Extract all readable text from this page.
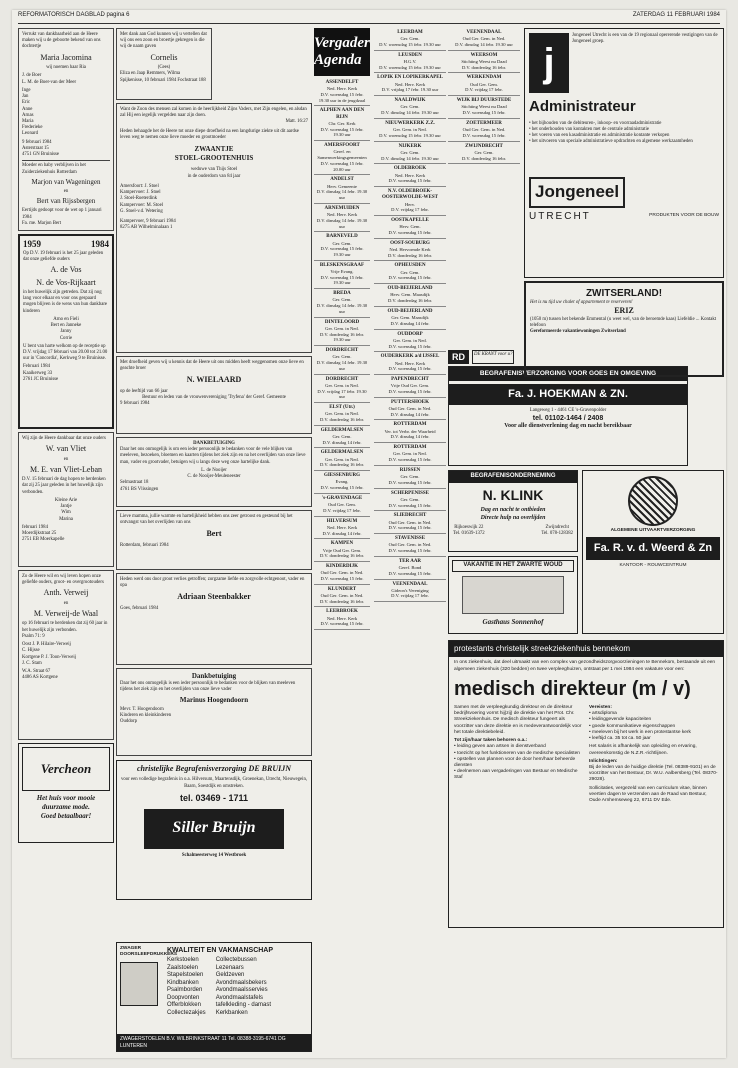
REFORMATORISCH DAGBLAD pagina 6	ZATERDAG 11 FEBRUARI 1984
Verrukt van dankbaarheid aan de Heere maken wij u de geboorte bekend van ons dochtertje
Maria Jacomina
wij noemen haar Ria
J. de Boer
L. M. de Boer-van der Meer
Inge
Jan
Eric
Anne
Arnas
Maria
Frederieke
Leonard
9 februari 1984
Asterstraat 15
4751 GN Bruinisse
Moeder en baby verblijven in het Zuiderziekenhuis Rotterdam
Marjon van Wageningen
en
Bert van Rijssbergen
Eertijds gedoopt voor de wet op 1 januari 1984
Fa. me. Marjon Bert
1959	1984
Op D.V. 19 februari is het 25 jaar geleden dat onze geliefde ouders
A. de Vos
N. de Vos-Rijkaart
in het huwelijk zijn getreden. Dat zij nog lang voor elkaar en voor ons gespaard mogen blijven is de wens van hun dankbare kinderen
Arno en Fieli
Bert en Janneke
Janny
Corrie
U bent van harte welkom op de receptie op D.V. vrijdag 17 februari van 20.00 tot 21.00 uur in 'Concordia', Kerkweg 9 te Bruinisse.
Februari 1984
Kaaikerweg 33
2761 JC Bruinisse
Wij zijn de Heere dankbaar dat onze ouders
W. van Vliet
en
M. E. van Vliet-Leban
D.V. 15 februari de dag hopen te herdenken dat zij 25 jaar geleden in het huwelijk zijn verbonden.
Kleine Arie
Jantje
Wim
Marina
februari 1984
Moerdijkstraat 25
2751 EB Moerkapelle
Zo de Heere wil en wij leven hopen onze geliefde ouders, groot- en overgrootouders
Anth. Verweij
en
M. Verweij-de Waal
op 16 februari te herdenken dat zij 60 jaar in het huwelijk zijn verbonden.
Psalm 71: 9
Oost J. P. Hilaire-Verweij
C. Hijsse
Kortgene P. J. Toon-Verweij
J. C. Stam
W.A. Straat 67
4486 AS Kortgene
Vercheon
Het huis voor mooie
duurzame mode.
Goed betaalbaar!
Met dank aan God kunnen wij u vertellen dat wij ons een zoon en broertje gekregen is die wij de naam gaven
Cornelis
(Cees)
Eliza en Jaap Remmers, Wilma
Spijkenisse, 10 februari 1984 Fochstraat 188
Want de Zoon des mensen zal komen in de heerlijkheid Zijns Vaders, met Zijn engelen, en alsdan zal Hij een iegelijk vergelden naar zijn doen.
Matt. 16:27
Heden behaagde het de Heere tot onze diepe droefheid na een langdurige ziekte uit dit aardse leven weg te nemen onze lieve moeder en grootmoeder
ZWAANTJE
STOEL-GROOTENHUIS
weduwe van Thijs Stoel
in de ouderdom van 84 jaar
Amersfoort: J. Stoel
Kampervoer: J. Stoel
J. Stoel-Roeterdink
Kampervoer: M. Stoel
G. Stoel-v.d. Wetering
Kampervoer, 9 februari 1984
8275 AB Wilhelminalaan 1
Met droefheid geven wij u kennis dat de Heere uit ons midden heeft weggenomen onze lieve en geachte broer
N. WIELAARD
op de leeftijd van 66 jaar
Bestuur en leden van de vrouwenvereniging 'Tryfena' der Geref. Gemeente
9 februari 1984
DANKBETUIGING
Daar het ons onmogelijk is om een ieder persoonlijk te bedanken voor de vele blijken van meeleven, bezoeken, bloemen en kaarten tijdens het ziek zijn en na het overlijden van onze lieve man, vader en grootvader, betuigen wij u langs deze weg onze hartelijke dank.
L. de Nooijer
C. de Nooijer-Meuleneester
Selmastraat 18
4761 BS Vlissingen
Lieve mamma, jullie warmte en hartelijkheid hebben ons zeer getroost en gesteund bij het ontvangst van het overlijden van ons
Bert
Rotterdam, februari 1984
Heden werd ons door groot verlies getroffen; zorgzame liefde en zorgvolle echtgenoot, vader en opa
Adriaan Steenbakker
Goes, februari 1984
Dankbetuiging
Daar het ons onmogelijk is een ieder persoonlijk te bedanken voor de blijken van meeleven tijdens het ziek zijn en het overlijden van onze lieve vader
Marinus Hoogendoorn
Mevr. T. Hoogendoorn
Kinderen en kleinkinderen
Ouddorp
christelijke Begrafenisverzorging DE BRUIJN
voor een volledige begrafenis in o.a. Hilversum, Maartensdijk, Groenekan, Utrecht, Nieuwegein, Baarn, Soestdijk en omstreken.
tel. 03469 - 1711
Siller Bruijn
Schalmeesterweg 14 Westbroek
Vergader Agenda
ASSENDELFT
Ned. Herv. Kerk
D.V. woensdag 15 febr. 19.30 uur in de jeugdzaal
ALPHEN AAN DEN RIJN
Chr. Ger. Kerk
D.V. woensdag 15 febr. 19.30 uur
AMERSFOORT
Geref. en Samenwerkingsgemeenten
D.V. woensdag 15 febr. 20.00 uur
ANDELST
Herv. Gemeente
D.V. dinsdag 14 febr. 19.30 uur
ARNEMUIDEN
Ned. Herv. Kerk
D.V. dinsdag 14 febr. 19.30 uur
BARNEVELD
Ger. Gem.
D.V. woensdag 15 febr. 19.30 uur
BLESKENSGRAAF
Vrije Evang.
D.V. woensdag 15 febr. 19.30 uur
BREDA
Ger. Gem.
D.V. dinsdag 14 febr. 19.30 uur
DINTELOORD
Ger. Gem. in Ned.
D.V. donderdag 16 febr. 19.30 uur
DORDRECHT
Ger. Gem.
D.V. dinsdag 14 febr. 19.30 uur
DORDRECHT
Ger. Gem. in Ned.
D.V. vrijdag 17 febr. 19.30 uur
ELST (Utr.)
Ger. Gem. in Ned.
D.V. donderdag 16 febr.
GELDERMALSEN
Ger. Gem.
D.V. dinsdag 14 febr.
GELDERMALSEN
Ger. Gem. in Ned.
D.V. donderdag 16 febr.
GIESSENBURG
Evang.
D.V. woensdag 15 febr.
's-GRAVENDAGE
Oud Ger. Gem.
D.V. vrijdag 17 febr.
HILVERSUM
Ned. Herv. Kerk
D.V. dinsdag 14 febr.
KAMPEN
Vrije Oud Ger. Gem.
D.V. donderdag 16 febr.
KINDERDIJK
Oud Ger. Gem. in Ned.
D.V. woensdag 15 febr.
KLUNDERT
Oud Ger. Gem. in Ned.
D.V. donderdag 16 febr.
LEERBROEK
Ned. Herv. Kerk
D.V. woensdag 15 febr.
LEERDAM
Ger. Gem.
D.V. woensdag 15 febr. 19.30 uur
LEUSDEN
H.G.V.
D.V. woensdag 15 febr. 19.30 uur
LOPIK EN LOPIKERKAPEL
Ned. Herv. Kerk
D.V. vrijdag 17 febr. 19.30 uur
NAALDWIJK
Ger. Gem.
D.V. dinsdag 14 febr. 19.30 uur
NIEUWERKERK Z.Z.
Ger. Gem. in Ned.
D.V. woensdag 15 febr. 19.30 uur
NIJKERK
Ger. Gem.
D.V. dinsdag 14 febr. 19.30 uur
OLDEBROEK
Ned. Herv. Kerk
D.V. woensdag 15 febr.
N.V. OLDEBROEK-OOSTERWOLDE-WEST
Herv.
D.V. vrijdag 17 febr.
OOSTKAPELLE
Herv. Gem.
D.V. woensdag 15 febr.
OOST-SOUBURG
Ned. Hervormde Kerk
D.V. donderdag 16 febr.
OPHEUSDEN
Ger. Gem.
D.V. woensdag 15 febr.
OUD-BEIJERLAND
Herv. Gem. Maasdijk
D.V. donderdag 16 febr.
OUD-BEIJERLAND
Ger. Gem. Maasdijk
D.V. dinsdag 14 febr.
OUDDORP
Ger. Gem. in Ned.
D.V. woensdag 15 febr.
OUDERKERK a/d IJSSEL
Ned. Herv. Kerk
D.V. woensdag 15 febr.
PAPENDRECHT
Vrije Oud Ger. Gem.
D.V. woensdag 15 febr.
PUTTERSHOEK
Oud Ger. Gem. in Ned.
D.V. dinsdag 14 febr.
ROTTERDAM
Ver. tot Verbr. der Waarheid
D.V. dinsdag 14 febr.
ROTTERDAM
Ger. Gem. in Ned.
D.V. woensdag 15 febr.
RIJSSEN
Ger. Gem.
D.V. woensdag 15 febr.
SCHERPENISSE
Ger. Gem.
D.V. woensdag 15 febr.
SLIEDRECHT
Oud Ger. Gem. in Ned.
D.V. woensdag 15 febr.
STAVENISSE
Oud Ger. Gem. in Ned.
D.V. woensdag 15 febr.
TER AAR
Geref. Bond
D.V. woensdag 15 febr.
VEENENDAAL
Gideon's Vereniging
D.V. vrijdag 17 febr.
VEENENDAAL
Oud Ger. Gem. in Ned.
D.V. dinsdag 14 febr. 19.30 uur
WEERSOM
Stichting Weest nu Daad
D.V. donderdag 16 febr.
WERKENDAM
Oud Ger. Gem.
D.V. vrijdag 17 febr.
WIJK BIJ DUURSTEDE
Stichting Weest nu Daad
D.V. woensdag 15 febr.
ZOETERMEER
Oud Ger. Gem. in Ned.
D.V. woensdag 15 febr.
ZWIJNDRECHT
Ger. Gem.
D.V. donderdag 16 febr.
RD	DE KRANT voor u?
BEGRAFENISVERZORGING VOOR GOES EN OMGEVING
Fa. J. HOEKMAN & ZN.
Langeweg 1 - 4461 CE 's-Gravenpolder
tel. 01102-1464 / 2408
Voor alle dienstverlening dag en nacht bereikbaar
BEGRAFENISONDERNEMING
N. KLINK
Dag en nacht te ontbieden
Directe hulp na overlijden
Rijkoeswijk 22
Tel. 01639-1372
Zwijndrecht
Tel. 078-128382
VAKANTIE IN HET ZWARTE WOUD
Gasthaus Sonnenhof
j
Jongeneel Utrecht is een van de 19 regionaal opererende vestigingen van de Jongeneel groep.
Administrateur
• het bijhouden van de debiteuren-, inkoop- en voorraadadministratie
• het onderhouden van kontakten met de centrale administratie
• het voeren van een kasadministratie en administratie kontante verkopen
• het uitvoeren van speciale administratieve opdrachten en algemene werkzaamheden
Jongeneel
UTRECHT	PRODUKTEN VOOR DE BOUW
ZWITSERLAND!
Het is nu tijd uw chalet of appartement te reserveren!
ERIZ
(1050 m) tussen het bekende Emmental (u weet wel, van de beroemde kaas) Liefeldie ... Kontakt telefoon
Gereformeerde vakantiewoningen Zwitserland
ALGEMENE UITVAARTVERZORGING
Fa. R. v. d. Weerd & Zn
KANTOOR - ROUWCENTRUM
protestants christelijk streekziekenhuis bennekom
In ons ziekenhuis, dat deel uitmaakt van een complex van gezondheidszorgvoorzieningen te Bennekom, bestaande uit een algemeen ziekenhuis (320 bedden) en twee verpleeghuizen, ontstaat per 1 mei 1984 een vakature voor een:
medisch direkteur (m / v)
Samen met de verpleegkundig direkteur en de direkteur bedrijfsvoering vormt hij(zij) de direktie van het Prot. Chr. Streekziekenhuis. De medisch direkteur fungeert als voorzitter van deze direktie en is medeverantwoordelijk voor het totale direktiebeleid.
Tot zijn/haar taken behoren o.a.:
• leiding geven aan artsen in dienstverband
• toezicht op het funktioneren van de medische specialisten
• opstellen van plannen voor de door hem/haar beheerde diensten
• deelnemen aan vergaderingen van Bestuur en Medische Staf
Vereisten:
• artsdiploma
• leidinggevende kapaciteiten
• goede kommunikatieve eigenschappen
• meeleven bij het werk in een protestantse kerk
• leeftijd ca. 35 tot ca. 50 jaar
Het salaris is afhankelijk van opleiding en ervaring, overeenkomstig de N.Z.R.-richtlijnen.
Inlichtingen:
Bij de leden van de huidige direktie (Tel. 08389-9101) en de voorzitter van het Bestuur, Dr. W.U. Aalbersberg (Tel. 08370-29028).
Sollicitaties, vergezeld van een curriculum vitae, binnen veertien dagen te verzenden aan de Raad van Bestuur, Oude Arnhemseweg 22, 6711 DV Ede.
ZWAGER DOORSLEEFDRUKKERS
KWALITEIT EN VAKMANSCHAP
Kerkstoelen
Zaalstoelen
Stapelstoelen
Kindbanken
Psalmborden
Doopvonten
Offerblokken
Collectezakjes
Collectebussen
Lezenaars
Geldzeven
Avondmaalsbekers
Avondmaalsservies
Avondmaalstafels
tafelkleding - damast
Kerkbanken
ZWAGERSTOELEN B.V. WILBRINKSTRAAT 11 Tel. 08388-3195-6741 DG LUNTEREN
